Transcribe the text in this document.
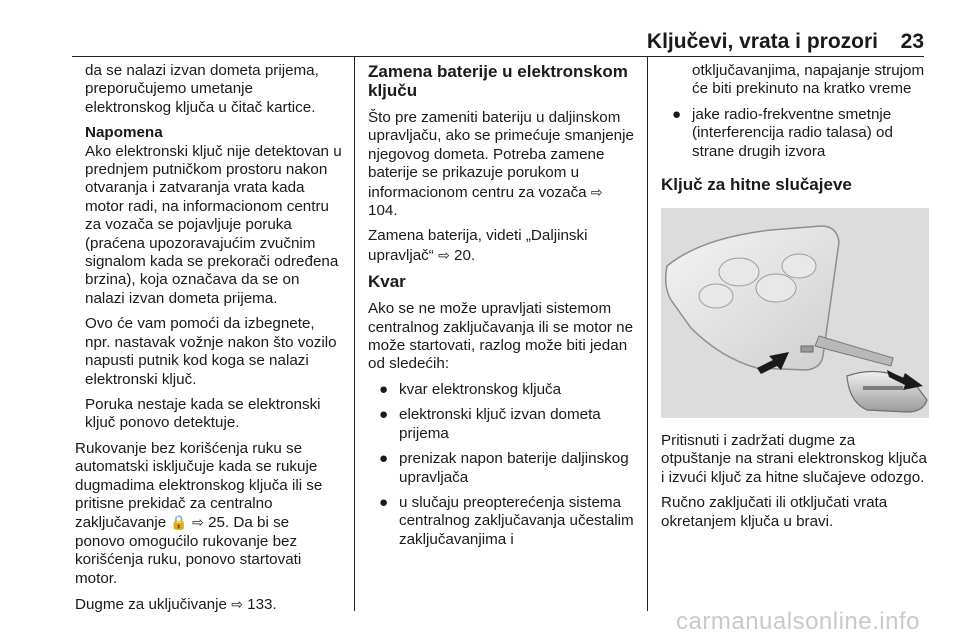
Ključevi, vrata i prozori 23

da se nalazi izvan dometa prijema, preporučujemo umetanje elektronskog ključa u čitač kartice.

Napomena

Ako elektronski ključ nije detektovan u prednjem putničkom prostoru nakon otvaranja i zatvaranja vrata kada motor radi, na informacionom centru za vozača se pojavljuje poruka (praćena upozoravajućim zvučnim signalom kada se prekorači određena brzina), koja označava da se on nalazi izvan dometa prijema.

Ovo će vam pomoći da izbegnete, npr. nastavak vožnje nakon što vozilo napusti putnik kod koga se nalazi elektronski ključ.

Poruka nestaje kada se elektronski ključ ponovo detektuje.

Rukovanje bez korišćenja ruku se automatski isključuje kada se rukuje dugmadima elektronskog ključa ili se pritisne prekidač za centralno zaključavanje 🔒 ⇨ 25. Da bi se ponovo omogućilo rukovanje bez korišćenja ruku, ponovo startovati motor.

Dugme za uključivanje ⇨ 133.

Zamena baterije u elektronskom ključu

Što pre zameniti bateriju u daljinskom upravljaču, ako se primećuje smanjenje njegovog dometa. Potreba zamene baterije se prikazuje porukom u informacionom centru za vozača ⇨ 104.

Zamena baterija, videti „Daljinski upravljač“ ⇨ 20.

Kvar

Ako se ne može upravljati sistemom centralnog zaključavanja ili se motor ne može startovati, razlog može biti jedan od sledećih:

● kvar elektronskog ključa
● elektronski ključ izvan dometa prijema
● prenizak napon baterije daljinskog upravljača
● u slučaju preopterećenja sistema centralnog zaključavanja učestalim zaključavanjima i

otključavanjima, napajanje strujom će biti prekinuto na kratko vreme

● jake radio-frekventne smetnje (interferencija radio talasa) od strane drugih izvora
Ključ za hitne slučajeve

Pritisnuti i zadržati dugme za otpuštanje na strani elektronskog ključa i izvući ključ za hitne slučajeve odozgo.

Ručno zaključati ili otključati vrata okretanjem ključa u bravi.

carmanualsonline.info
